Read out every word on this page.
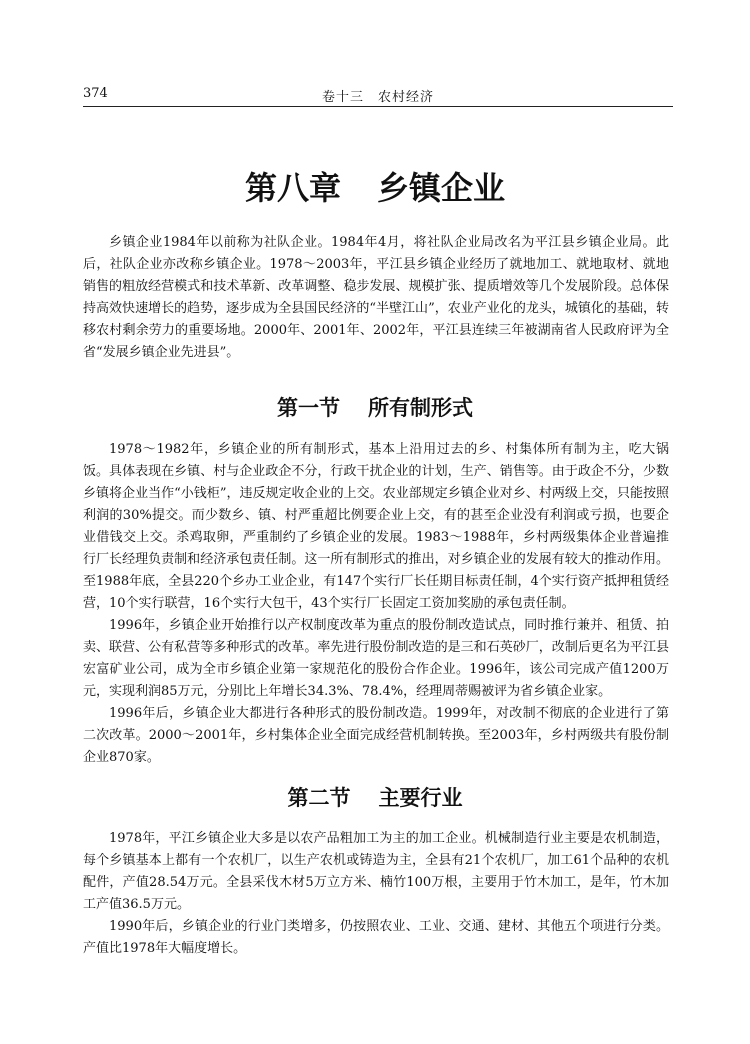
374	卷十三　农村经济
第八章 乡镇企业

乡镇企业1984年以前称为社队企业。1984年4月，将社队企业局改名为平江县乡镇企业局。此后，社队企业亦改称乡镇企业。1978～2003年，平江县乡镇企业经历了就地加工、就地取材、就地销售的粗放经营模式和技术革新、改革调整、稳步发展、规模扩张、提质增效等几个发展阶段。总体保持高效快速增长的趋势，逐步成为全县国民经济的“半壁江山”，农业产业化的龙头，城镇化的基础，转移农村剩余劳力的重要场地。2000年、2001年、2002年，平江县连续三年被湖南省人民政府评为全省“发展乡镇企业先进县”。

第一节 所有制形式

1978～1982年，乡镇企业的所有制形式，基本上沿用过去的乡、村集体所有制为主，吃大锅饭。具体表现在乡镇、村与企业政企不分，行政干扰企业的计划，生产、销售等。由于政企不分，少数乡镇将企业当作“小钱柜”，违反规定收企业的上交。农业部规定乡镇企业对乡、村两级上交，只能按照利润的30%提交。而少数乡、镇、村严重超比例要企业上交，有的甚至企业没有利润或亏损，也要企业借钱交上交。杀鸡取卵，严重制约了乡镇企业的发展。1983～1988年，乡村两级集体企业普遍推行厂长经理负责制和经济承包责任制。这一所有制形式的推出，对乡镇企业的发展有较大的推动作用。至1988年底，全县220个乡办工业企业，有147个实行厂长任期目标责任制，4个实行资产抵押租赁经营，10个实行联营，16个实行大包干，43个实行厂长固定工资加奖励的承包责任制。

1996年，乡镇企业开始推行以产权制度改革为重点的股份制改造试点，同时推行兼并、租赁、拍卖、联营、公有私营等多种形式的改革。率先进行股份制改造的是三和石英砂厂，改制后更名为平江县宏富矿业公司，成为全市乡镇企业第一家规范化的股份合作企业。1996年，该公司完成产值1200万元，实现利润85万元，分别比上年增长34.3%、78.4%，经理周蒂赐被评为省乡镇企业家。

1996年后，乡镇企业大都进行各种形式的股份制改造。1999年，对改制不彻底的企业进行了第二次改革。2000～2001年，乡村集体企业全面完成经营机制转换。至2003年，乡村两级共有股份制企业870家。

第二节 主要行业

1978年，平江乡镇企业大多是以农产品粗加工为主的加工企业。机械制造行业主要是农机制造，每个乡镇基本上都有一个农机厂，以生产农机或铸造为主，全县有21个农机厂，加工61个品种的农机配件，产值28.54万元。全县采伐木材5万立方米、楠竹100万根，主要用于竹木加工，是年，竹木加工产值36.5万元。

1990年后，乡镇企业的行业门类增多，仍按照农业、工业、交通、建材、其他五个项进行分类。产值比1978年大幅度增长。
